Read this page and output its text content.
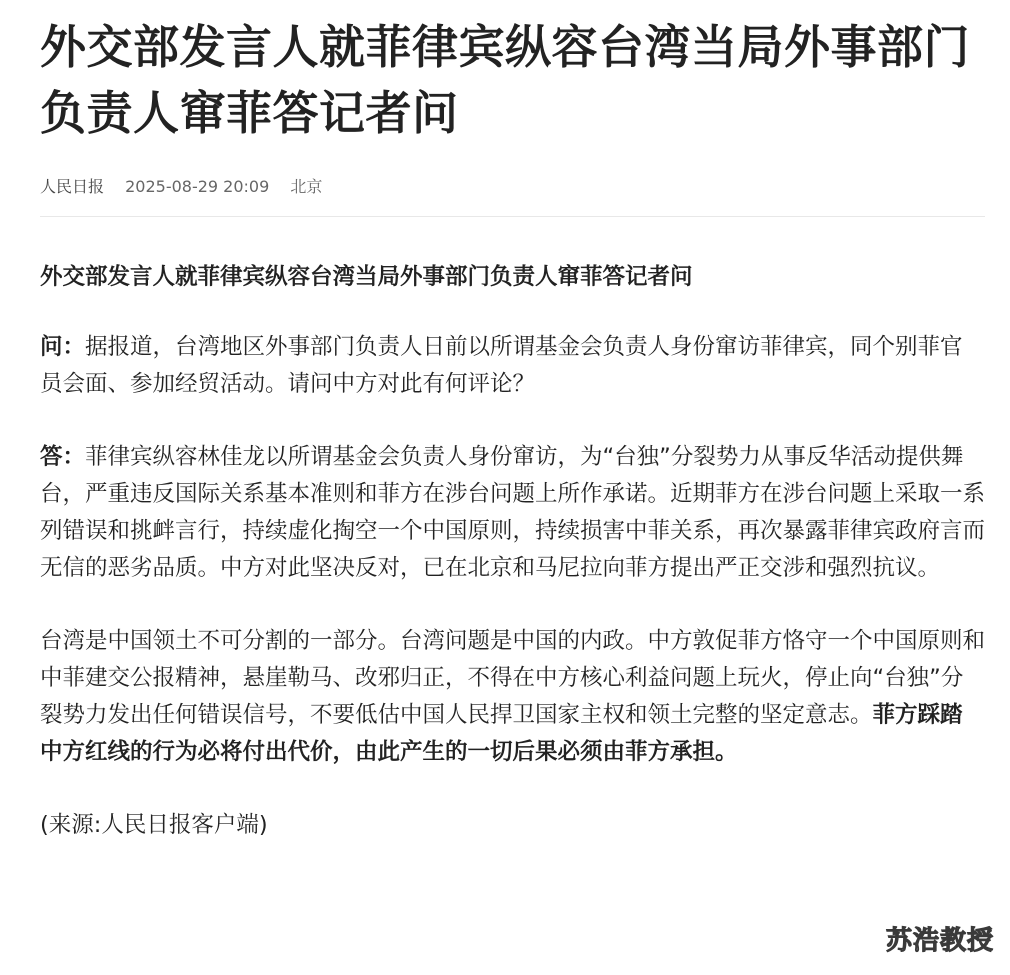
外交部发言人就菲律宾纵容台湾当局外事部门负责人窜菲答记者问
人民日报 2025-08-29 20:09 北京

外交部发言人就菲律宾纵容台湾当局外事部门负责人窜菲答记者问

问：据报道，台湾地区外事部门负责人日前以所谓基金会负责人身份窜访菲律宾，同个别菲官员会面、参加经贸活动。请问中方对此有何评论？

答：菲律宾纵容林佳龙以所谓基金会负责人身份窜访，为“台独”分裂势力从事反华活动提供舞台，严重违反国际关系基本准则和菲方在涉台问题上所作承诺。近期菲方在涉台问题上采取一系列错误和挑衅言行，持续虚化掏空一个中国原则，持续损害中菲关系，再次暴露菲律宾政府言而无信的恶劣品质。中方对此坚决反对，已在北京和马尼拉向菲方提出严正交涉和强烈抗议。

台湾是中国领土不可分割的一部分。台湾问题是中国的内政。中方敦促菲方恪守一个中国原则和中菲建交公报精神，悬崖勒马、改邪归正，不得在中方核心利益问题上玩火，停止向“台独”分裂势力发出任何错误信号，不要低估中国人民捍卫国家主权和领土完整的坚定意志。菲方踩踏中方红线的行为必将付出代价，由此产生的一切后果必须由菲方承担。

(来源:人民日报客户端)

苏浩教授
